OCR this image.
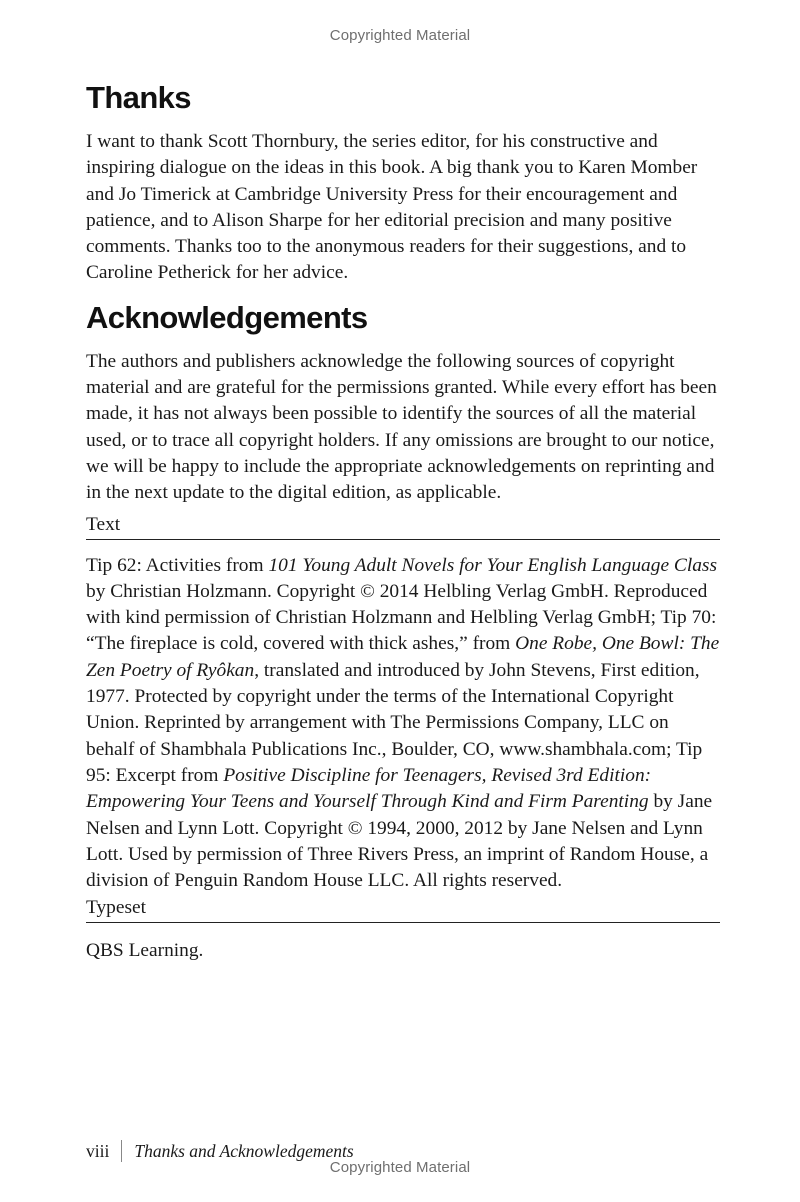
Copyrighted Material
Thanks

I want to thank Scott Thornbury, the series editor, for his constructive and inspiring dialogue on the ideas in this book. A big thank you to Karen Momber and Jo Timerick at Cambridge University Press for their encouragement and patience, and to Alison Sharpe for her editorial precision and many positive comments. Thanks too to the anonymous readers for their suggestions, and to Caroline Petherick for her advice.

Acknowledgements

The authors and publishers acknowledge the following sources of copyright material and are grateful for the permissions granted. While every effort has been made, it has not always been possible to identify the sources of all the material used, or to trace all copyright holders. If any omissions are brought to our notice, we will be happy to include the appropriate acknowledgements on reprinting and in the next update to the digital edition, as applicable.

Text

Tip 62: Activities from 101 Young Adult Novels for Your English Language Class by Christian Holzmann. Copyright © 2014 Helbling Verlag GmbH. Reproduced with kind permission of Christian Holzmann and Helbling Verlag GmbH; Tip 70: “The fireplace is cold, covered with thick ashes,” from One Robe, One Bowl: The Zen Poetry of Ryôkan, translated and introduced by John Stevens, First edition, 1977. Protected by copyright under the terms of the International Copyright Union. Reprinted by arrangement with The Permissions Company, LLC on behalf of Shambhala Publications Inc., Boulder, CO, www.shambhala.com; Tip 95: Excerpt from Positive Discipline for Teenagers, Revised 3rd Edition: Empowering Your Teens and Yourself Through Kind and Firm Parenting by Jane Nelsen and Lynn Lott. Copyright © 1994, 2000, 2012 by Jane Nelsen and Lynn Lott. Used by permission of Three Rivers Press, an imprint of Random House, a division of Penguin Random House LLC. All rights reserved.

Typeset

QBS Learning.

viii Thanks and Acknowledgements
Copyrighted Material
